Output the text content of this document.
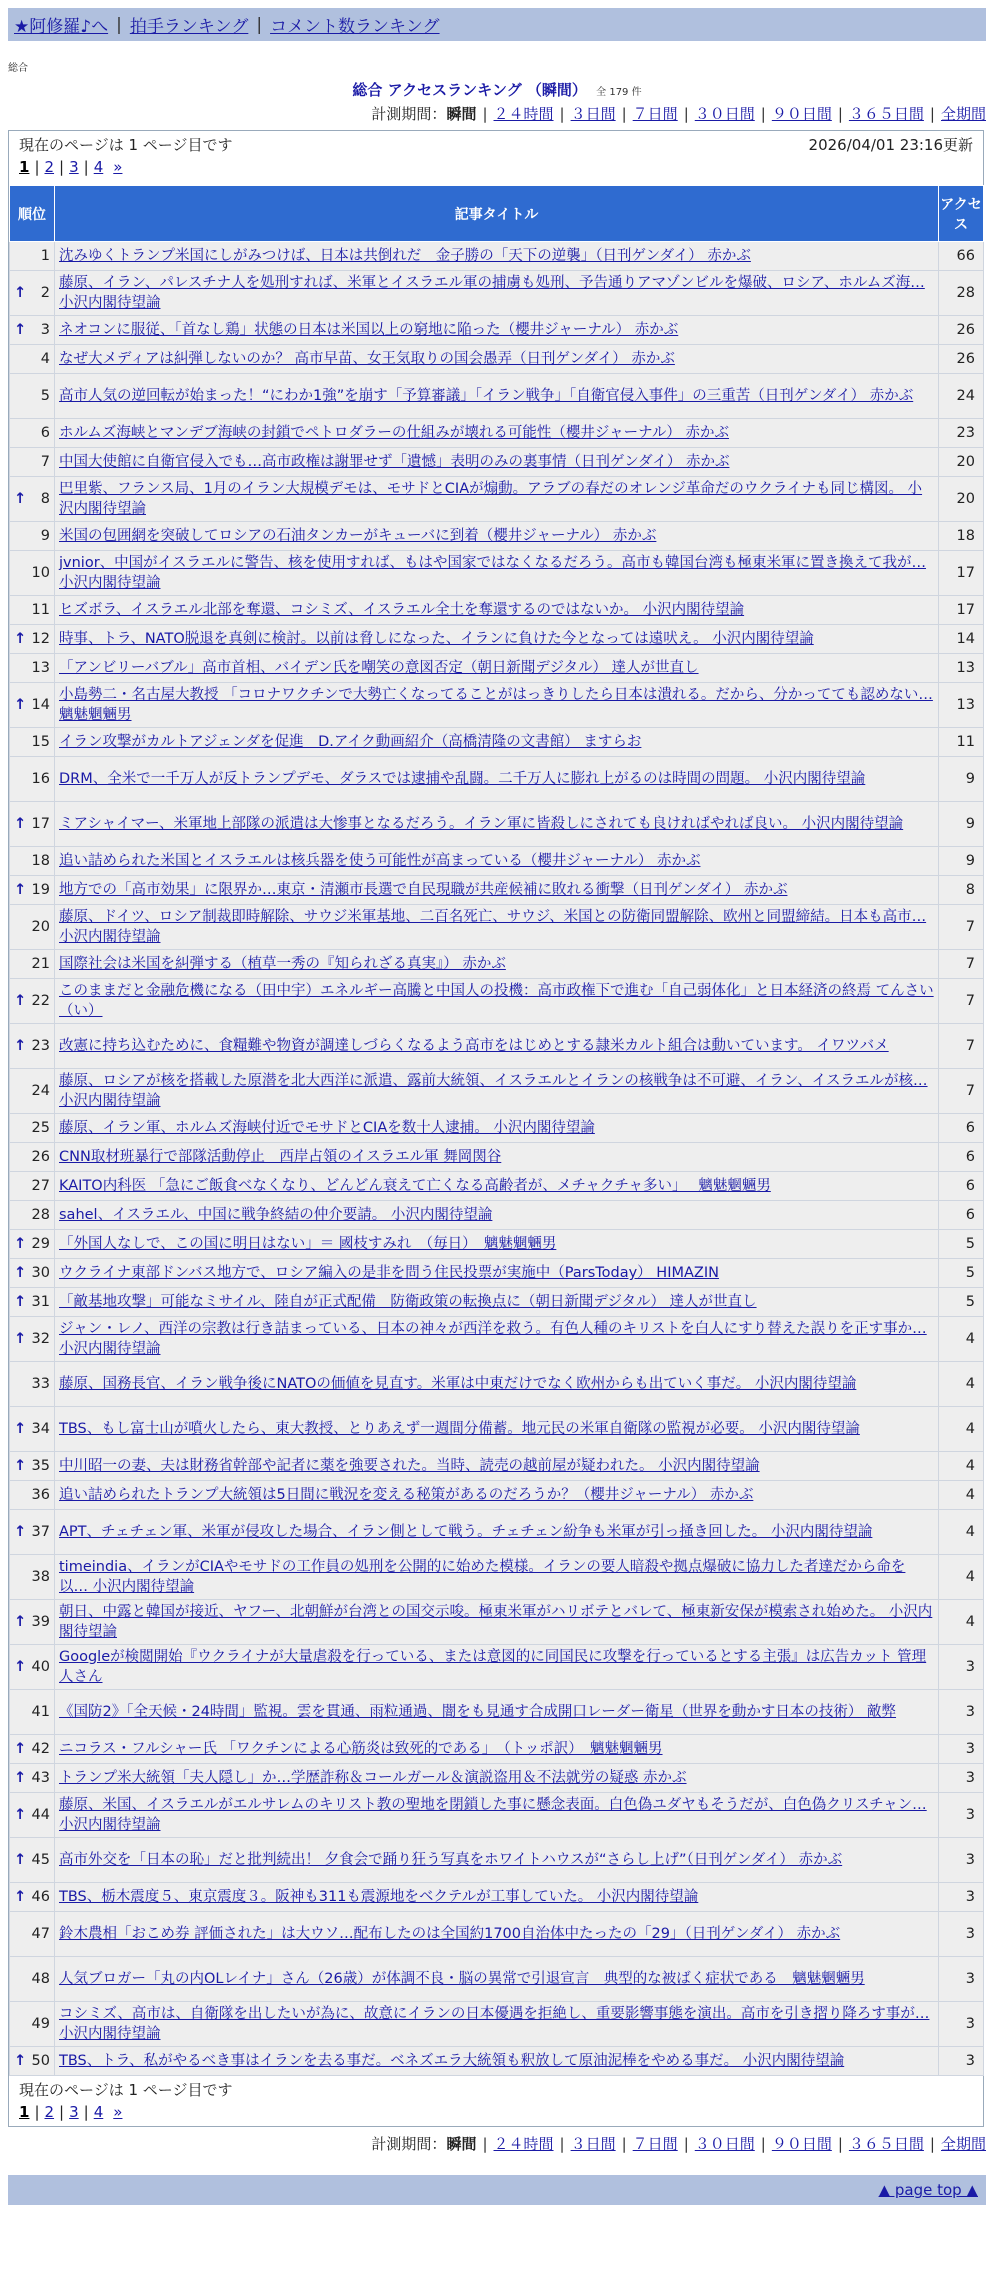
★阿修羅♪へ | 拍手ランキング | コメント数ランキング
総合
総合 アクセスランキング （瞬間） 全 179 件
計測期間：瞬間 | ２４時間 | ３日間 | ７日間 | ３０日間 | ９０日間 | ３６５日間 | 全期間
現在のページは 1 ページ目です	2026/04/01 23:16更新
1 | 2 | 3 | 4 »
順位	記事タイトル	アクセス
1	沈みゆくトランプ米国にしがみつけば、日本は共倒れだ　金子勝の「天下の逆襲」（日刊ゲンダイ） 赤かぶ	66

↑ 2	藤原、イラン、パレスチナ人を処刑すれば、米軍とイスラエル軍の捕虜も処刑、予告通りアマゾンビルを爆破、ロシア、ホルムズ海… 小沢内閣待望論	28

↑ 3	ネオコンに服従、「首なし鶏」状態の日本は米国以上の窮地に陥った（櫻井ジャーナル） 赤かぶ	26
4	なぜ大メディアは糾弾しないのか？ 高市早苗、女王気取りの国会愚弄（日刊ゲンダイ） 赤かぶ	26
5	高市人気の逆回転が始まった！“にわか1強”を崩す「予算審議」「イラン戦争」「自衛官侵入事件」の三重苦（日刊ゲンダイ） 赤かぶ	24
6	ホルムズ海峡とマンデブ海峡の封鎖でペトロダラーの仕組みが壊れる可能性（櫻井ジャーナル） 赤かぶ	23
7	中国大使館に自衛官侵入でも…高市政権は謝罪せず「遺憾」表明のみの裏事情（日刊ゲンダイ） 赤かぶ	20

↑ 8	巴里紫、フランス局、1月のイラン大規模デモは、モサドとCIAが煽動。アラブの春だのオレンジ革命だのウクライナも同じ構図。 小沢内閣待望論	20
9	米国の包囲網を突破してロシアの石油タンカーがキューバに到着（櫻井ジャーナル） 赤かぶ	18
10	jvnior、中国がイスラエルに警告、核を使用すれば、もはや国家ではなくなるだろう。高市も韓国台湾も極東米軍に置き換えて我が… 小沢内閣待望論	17
11	ヒズボラ、イスラエル北部を奪還、コシミズ、イスラエル全土を奪還するのではないか。 小沢内閣待望論	17

↑ 12	時事、トラ、NATO脱退を真剣に検討。以前は脅しになった、イランに負けた今となっては遠吠え。 小沢内閣待望論	14
13	「アンビリーバブル」高市首相、バイデン氏を嘲笑の意図否定（朝日新聞デジタル） 達人が世直し	13

↑ 14	小島勢二・名古屋大教授 「コロナワクチンで大勢亡くなってることがはっきりしたら日本は潰れる。だから、分かってても認めない… 魑魅魍魎男	13
15	イラン攻撃がカルトアジェンダを促進　D.アイク動画紹介（高橋清隆の文書館） ますらお	11
16	DRM、全米で一千万人が反トランプデモ、ダラスでは逮捕や乱闘。二千万人に膨れ上がるのは時間の問題。 小沢内閣待望論	9

↑ 17	ミアシャイマー、米軍地上部隊の派遣は大惨事となるだろう。イラン軍に皆殺しにされても良ければやれば良い。 小沢内閣待望論	9
18	追い詰められた米国とイスラエルは核兵器を使う可能性が高まっている（櫻井ジャーナル） 赤かぶ	9

↑ 19	地方での「高市効果」に限界か…東京・清瀬市長選で自民現職が共産候補に敗れる衝撃（日刊ゲンダイ） 赤かぶ	8
20	藤原、ドイツ、ロシア制裁即時解除、サウジ米軍基地、二百名死亡、サウジ、米国との防衛同盟解除、欧州と同盟締結。日本も高市… 小沢内閣待望論	7
21	国際社会は米国を糾弾する（植草一秀の『知られざる真実』） 赤かぶ	7

↑ 22	このままだと金融危機になる（田中宇）エネルギー高騰と中国人の投機：高市政権下で進む「自己弱体化」と日本経済の終焉 てんさい（い）	7

↑ 23	改憲に持ち込むために、食糧難や物資が調達しづらくなるよう高市をはじめとする隷米カルト組合は動いています。 イワツバメ	7
24	藤原、ロシアが核を搭載した原潜を北大西洋に派遣、露前大統領、イスラエルとイランの核戦争は不可避、イラン、イスラエルが核… 小沢内閣待望論	7
25	藤原、イラン軍、ホルムズ海峡付近でモサドとCIAを数十人逮捕。 小沢内閣待望論	6
26	CNN取材班暴行で部隊活動停止　西岸占領のイスラエル軍 舞岡関谷	6
27	KAITO内科医 「急にご飯食べなくなり、どんどん衰えて亡くなる高齢者が、メチャクチャ多い」　 魑魅魍魎男	6
28	sahel、イスラエル、中国に戦争終結の仲介要請。 小沢内閣待望論	6

↑ 29	「外国人なしで、この国に明日はない」＝ 國枝すみれ　（毎日）　魑魅魍魎男	5

↑ 30	ウクライナ東部ドンバス地方で、ロシア編入の是非を問う住民投票が実施中（ParsToday） HIMAZIN	5

↑ 31	「敵基地攻撃」可能なミサイル、陸自が正式配備　防衛政策の転換点に（朝日新聞デジタル） 達人が世直し	5

↑ 32	ジャン・レノ、西洋の宗教は行き詰まっている、日本の神々が西洋を救う。有色人種のキリストを白人にすり替えた誤りを正す事か… 小沢内閣待望論	4
33	藤原、国務長官、イラン戦争後にNATOの価値を見直す。米軍は中東だけでなく欧州からも出ていく事だ。 小沢内閣待望論	4

↑ 34	TBS、もし富士山が噴火したら、東大教授、とりあえず一週間分備蓄。地元民の米軍自衛隊の監視が必要。 小沢内閣待望論	4

↑ 35	中川昭一の妻、夫は財務省幹部や記者に薬を強要された。当時、読売の越前屋が疑われた。 小沢内閣待望論	4
36	追い詰められたトランプ大統領は5日間に戦況を変える秘策があるのだろうか？（櫻井ジャーナル） 赤かぶ	4

↑ 37	APT、チェチェン軍、米軍が侵攻した場合、イラン側として戦う。チェチェン紛争も米軍が引っ掻き回した。 小沢内閣待望論	4
38	timeindia、イランがCIAやモサドの工作員の処刑を公開的に始めた模様。イランの要人暗殺や拠点爆破に協力した者達だから命を以… 小沢内閣待望論	4

↑ 39	朝日、中露と韓国が接近、ヤフー、北朝鮮が台湾との国交示唆。極東米軍がハリボテとバレて、極東新安保が模索され始めた。 小沢内閣待望論	4

↑ 40	Googleが検閲開始『ウクライナが大量虐殺を行っている、または意図的に同国民に攻撃を行っているとする主張』は広告カット 管理人さん	3
41	《国防2》「全天候・24時間」監視。雲を貫通、雨粒通過、闇をも見通す合成開口レーダー衛星（世界を動かす日本の技術） 敵弊	3

↑ 42	ニコラス・フルシャー氏 「ワクチンによる心筋炎は致死的である」　（トッポ訳）　魑魅魍魎男	3

↑ 43	トランプ米大統領「夫人隠し」か…学歴詐称＆コールガール＆演説盗用＆不法就労の疑惑 赤かぶ	3

↑ 44	藤原、米国、イスラエルがエルサレムのキリスト教の聖地を閉鎖した事に懸念表面。白色偽ユダヤもそうだが、白色偽クリスチャン… 小沢内閣待望論	3

↑ 45	高市外交を「日本の恥」だと批判続出！ 夕食会で踊り狂う写真をホワイトハウスが“さらし上げ”（日刊ゲンダイ） 赤かぶ	3

↑ 46	TBS、栃木震度５、東京震度３。阪神も311も震源地をベクテルが工事していた。 小沢内閣待望論	3
47	鈴木農相「おこめ券 評価された」は大ウソ…配布したのは全国約1700自治体中たったの「29」（日刊ゲンダイ） 赤かぶ	3
48	人気ブロガー「丸の内OLレイナ」さん（26歳）が体調不良・脳の異常で引退宣言　典型的な被ばく症状である　魑魅魍魎男	3
49	コシミズ、高市は、自衛隊を出したいが為に、故意にイランの日本優遇を拒絶し、重要影響事態を演出。高市を引き摺り降ろす事が… 小沢内閣待望論	3

↑ 50	TBS、トラ、私がやるべき事はイランを去る事だ。ベネズエラ大統領も釈放して原油泥棒をやめる事だ。 小沢内閣待望論	3
現在のページは 1 ページ目です
1 | 2 | 3 | 4 »
計測期間：瞬間 | ２４時間 | ３日間 | ７日間 | ３０日間 | ９０日間 | ３６５日間 | 全期間
▲ page top ▲
